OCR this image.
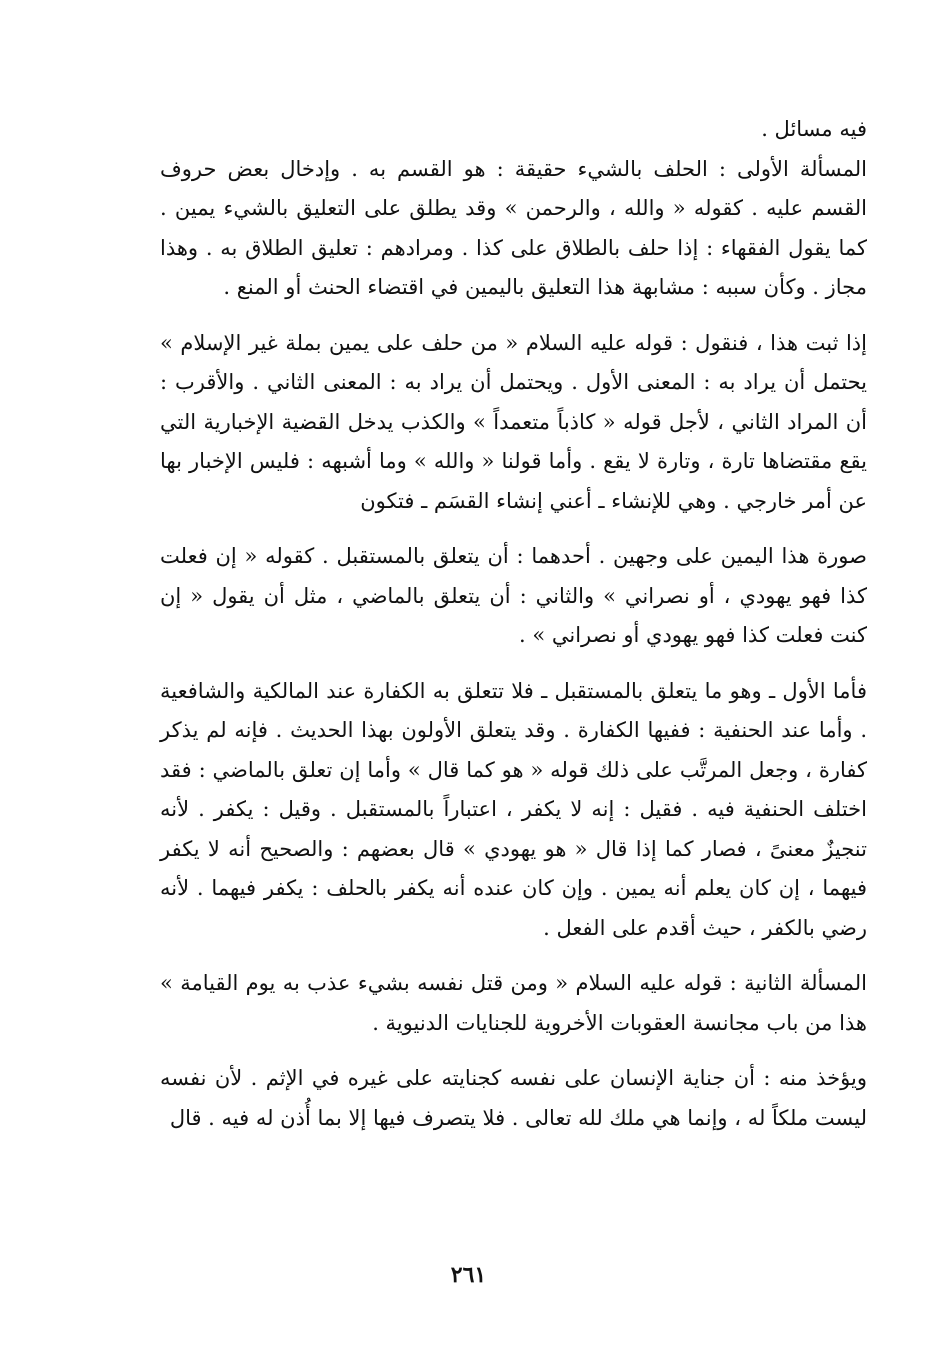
فيه مسائل .

المسألة الأولى : الحلف بالشيء حقيقة : هو القسم به . وإدخال بعض حروف القسم عليه . كقوله « والله ، والرحمن » وقد يطلق على التعليق بالشيء يمين . كما يقول الفقهاء : إذا حلف بالطلاق على كذا . ومرادهم : تعليق الطلاق به . وهذا مجاز . وكأن سببه : مشابهة هذا التعليق باليمين في اقتضاء الحنث أو المنع .

إذا ثبت هذا ، فنقول : قوله عليه السلام « من حلف على يمين بملة غير الإسلام » يحتمل أن يراد به : المعنى الأول . ويحتمل أن يراد به : المعنى الثاني . والأقرب : أن المراد الثاني ، لأجل قوله « كاذباً متعمداً » والكذب يدخل القضية الإخبارية التي يقع مقتضاها تارة ، وتارة لا يقع . وأما قولنا « والله » وما أشبهه : فليس الإخبار بها عن أمر خارجي . وهي للإنشاء ـ أعني إنشاء القسَم ـ فتكون

صورة هذا اليمين على وجهين . أحدهما : أن يتعلق بالمستقبل . كقوله « إن فعلت كذا فهو يهودي ، أو نصراني » والثاني : أن يتعلق بالماضي ، مثل أن يقول « إن كنت فعلت كذا فهو يهودي أو نصراني » .

فأما الأول ـ وهو ما يتعلق بالمستقبل ـ فلا تتعلق به الكفارة عند المالكية والشافعية . وأما عند الحنفية : ففيها الكفارة . وقد يتعلق الأولون بهذا الحديث . فإنه لم يذكر كفارة ، وجعل المرتَّب على ذلك قوله « هو كما قال » وأما إن تعلق بالماضي : فقد اختلف الحنفية فيه . فقيل : إنه لا يكفر ، اعتباراً بالمستقبل . وقيل : يكفر . لأنه تنجيزٌ معنىً ، فصار كما إذا قال « هو يهودي » قال بعضهم : والصحيح أنه لا يكفر فيهما ، إن كان يعلم أنه يمين . وإن كان عنده أنه يكفر بالحلف : يكفر فيهما . لأنه رضي بالكفر ، حيث أقدم على الفعل .

المسألة الثانية : قوله عليه السلام « ومن قتل نفسه بشيء عذب به يوم القيامة » هذا من باب مجانسة العقوبات الأخروية للجنايات الدنيوية .

ويؤخذ منه : أن جناية الإنسان على نفسه كجنايته على غيره في الإثم . لأن نفسه ليست ملكاً له ، وإنما هي ملك لله تعالى . فلا يتصرف فيها إلا بما أُذن له فيه . قال

٢٦١
